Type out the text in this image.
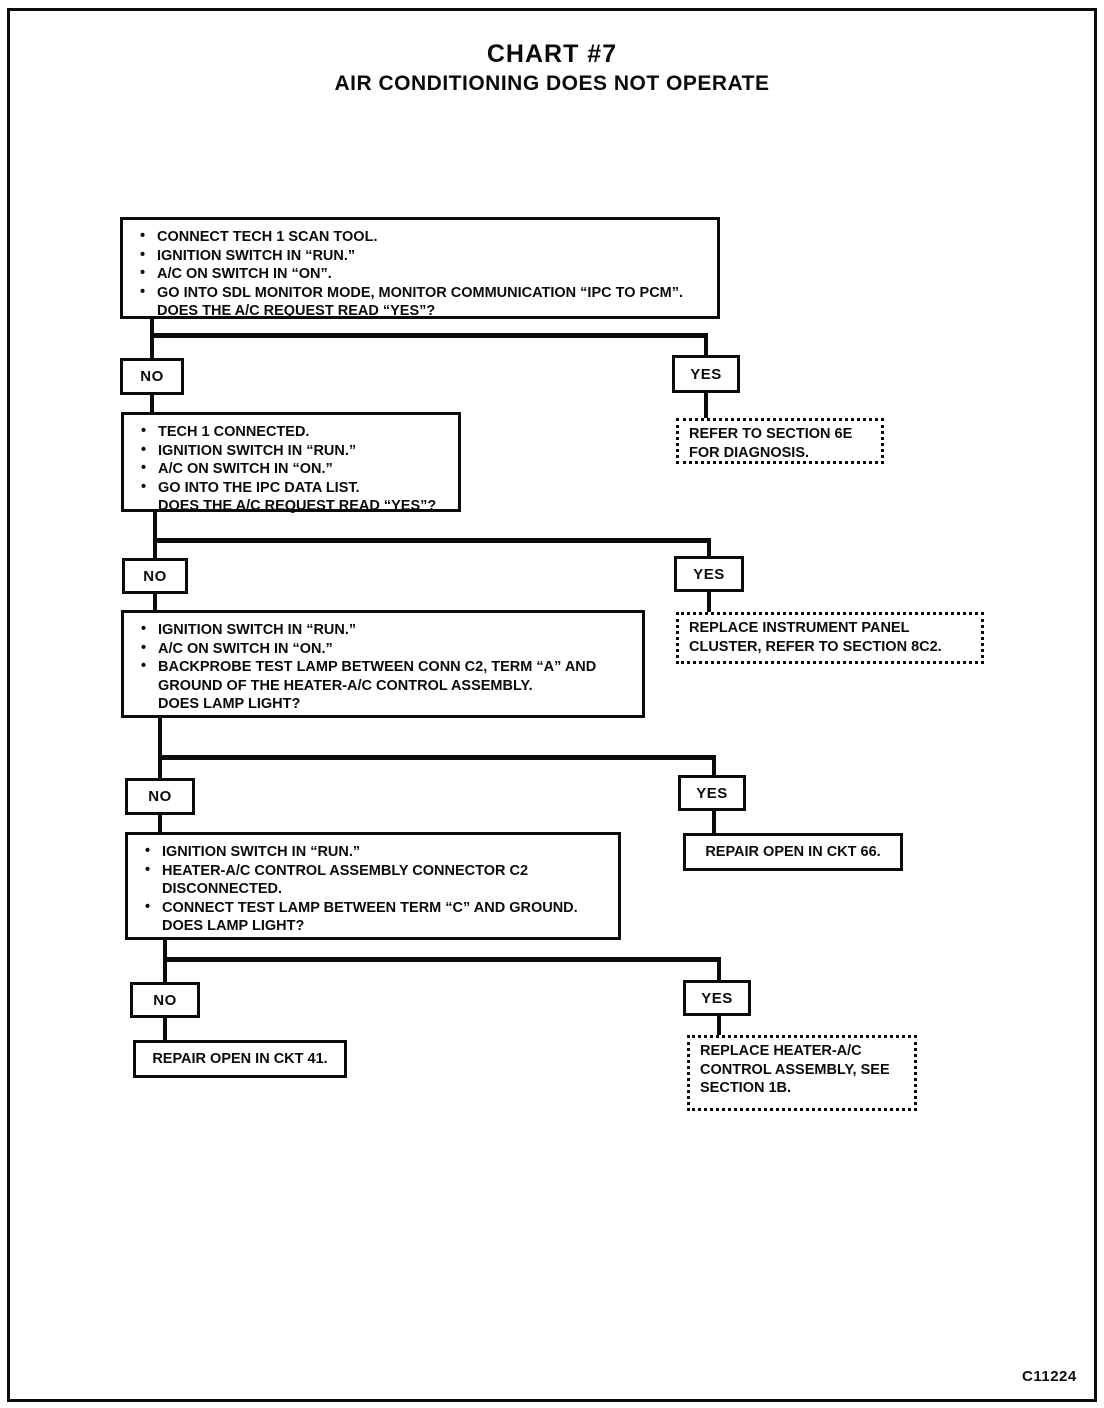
CHART #7
AIR CONDITIONING DOES NOT OPERATE
• CONNECT TECH 1 SCAN TOOL.
• IGNITION SWITCH IN “RUN.”
• A/C ON SWITCH IN “ON”.
• GO INTO SDL MONITOR MODE, MONITOR COMMUNICATION “IPC TO PCM”.
DOES THE A/C REQUEST READ “YES”?
NO	YES
• TECH 1 CONNECTED.
• IGNITION SWITCH IN “RUN.”
• A/C ON SWITCH IN “ON.”
• GO INTO THE IPC DATA LIST.
DOES THE A/C REQUEST READ “YES”?
REFER TO SECTION 6E
FOR DIAGNOSIS.
NO	YES
• IGNITION SWITCH IN “RUN.”
• A/C ON SWITCH IN “ON.”
• BACKPROBE TEST LAMP BETWEEN CONN C2, TERM “A” AND
GROUND OF THE HEATER-A/C CONTROL ASSEMBLY.
DOES LAMP LIGHT?
REPLACE INSTRUMENT PANEL
CLUSTER, REFER TO SECTION 8C2.
NO	YES
• IGNITION SWITCH IN “RUN.”
• HEATER-A/C CONTROL ASSEMBLY CONNECTOR C2
DISCONNECTED.
• CONNECT TEST LAMP BETWEEN TERM “C” AND GROUND.
DOES LAMP LIGHT?
REPAIR OPEN IN CKT 66.
NO	YES
REPAIR OPEN IN CKT 41.	REPLACE HEATER-A/C
CONTROL ASSEMBLY, SEE
SECTION 1B.
C11224
